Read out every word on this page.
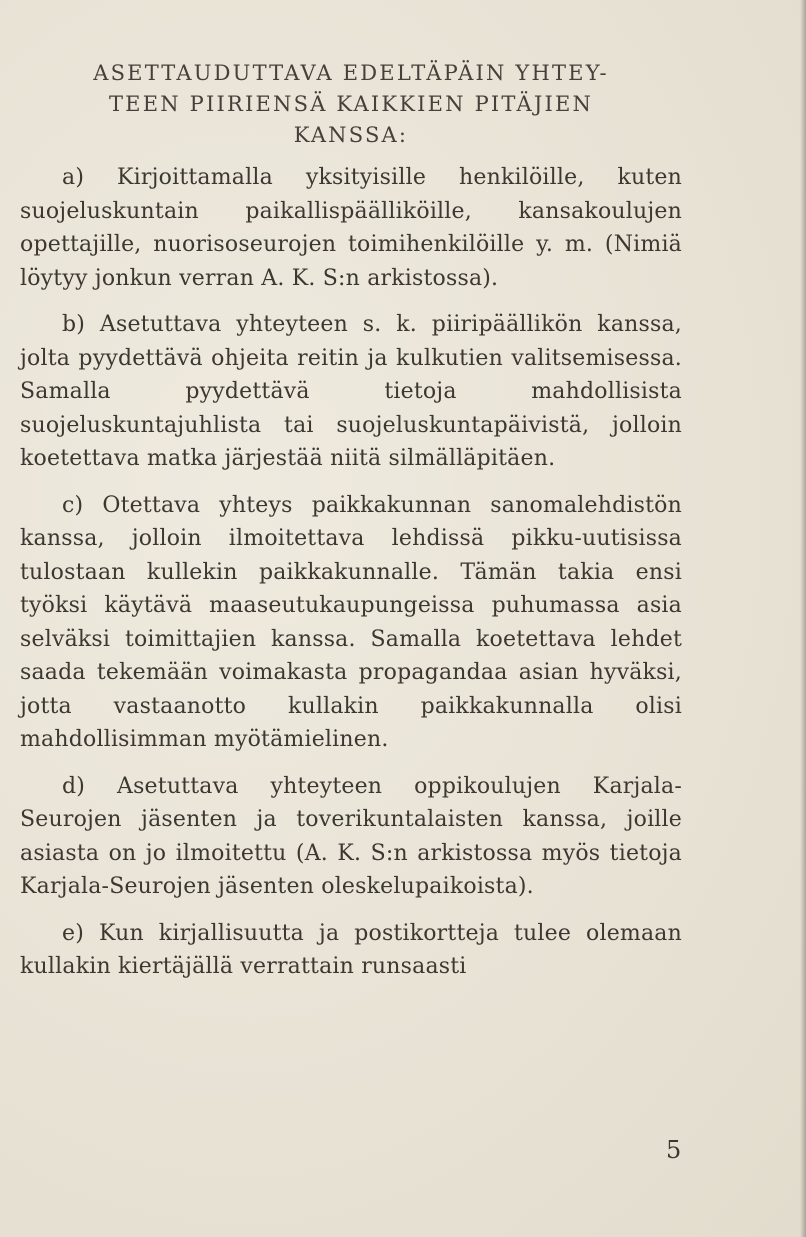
ASETTAUDUTTAVA EDELTÄPÄIN YHTEY-
TEEN PIIRIENSÄ KAIKKIEN PITÄJIEN
KANSSA:

a) Kirjoittamalla yksityisille henkilöille, kuten suojeluskuntain paikallispäälliköille, kansakoulujen opettajille, nuorisoseurojen toimihenkilöille y. m. (Nimiä löytyy jonkun verran A. K. S:n arkistossa).

b) Asetuttava yhteyteen s. k. piiripäällikön kanssa, jolta pyydettävä ohjeita reitin ja kulkutien valitsemisessa. Samalla pyydettävä tietoja mahdollisista suojeluskuntajuhlista tai suojeluskuntapäivistä, jolloin koetettava matka järjestää niitä silmälläpitäen.

c) Otettava yhteys paikkakunnan sanomalehdistön kanssa, jolloin ilmoitettava lehdissä pikku-uutisissa tulostaan kullekin paikkakunnalle. Tämän takia ensi työksi käytävä maaseutukaupungeissa puhumassa asia selväksi toimittajien kanssa. Samalla koetettava lehdet saada tekemään voimakasta propagandaa asian hyväksi, jotta vastaanotto kullakin paikkakunnalla olisi mahdollisimman myötämielinen.

d) Asetuttava yhteyteen oppikoulujen Karjala-Seurojen jäsenten ja toverikuntalaisten kanssa, joille asiasta on jo ilmoitettu (A. K. S:n arkistossa myös tietoja Karjala-Seurojen jäsenten oleskelupaikoista).

e) Kun kirjallisuutta ja postikortteja tulee olemaan kullakin kiertäjällä verrattain runsaasti

5
